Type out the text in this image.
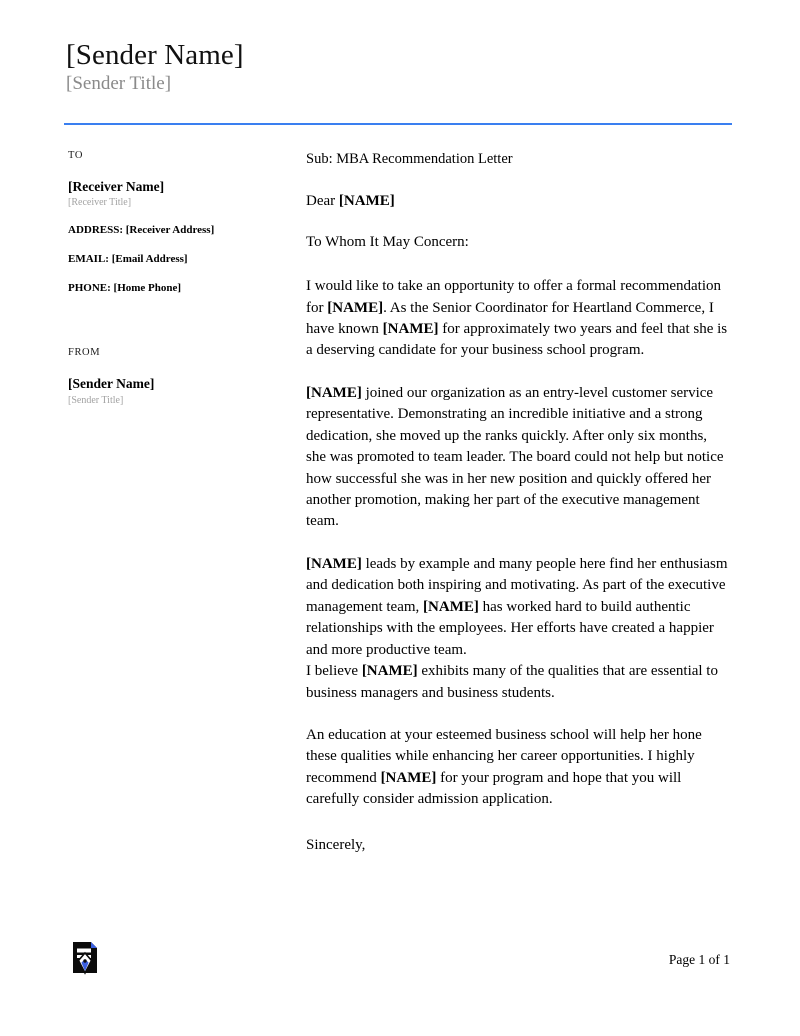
[Sender Name]
[Sender Title]
TO
[Receiver Name]
[Receiver Title]
ADDRESS: [Receiver Address]
EMAIL: [Email Address]
PHONE: [Home Phone]
FROM
[Sender Name]
[Sender Title]
Sub: MBA Recommendation Letter
Dear [NAME]
To Whom It May Concern:
I would like to take an opportunity to offer a formal recommendation for [NAME]. As the Senior Coordinator for Heartland Commerce, I have known [NAME] for approximately two years and feel that she is a deserving candidate for your business school program.
[NAME] joined our organization as an entry-level customer service representative. Demonstrating an incredible initiative and a strong dedication, she moved up the ranks quickly. After only six months, she was promoted to team leader. The board could not help but notice how successful she was in her new position and quickly offered her another promotion, making her part of the executive management team.
[NAME] leads by example and many people here find her enthusiasm and dedication both inspiring and motivating. As part of the executive management team, [NAME] has worked hard to build authentic relationships with the employees. Her efforts have created a happier and more productive team.
I believe [NAME] exhibits many of the qualities that are essential to business managers and business students.
An education at your esteemed business school will help her hone these qualities while enhancing her career opportunities. I highly recommend [NAME] for your program and hope that you will carefully consider admission application.
Sincerely,
Page 1 of 1
